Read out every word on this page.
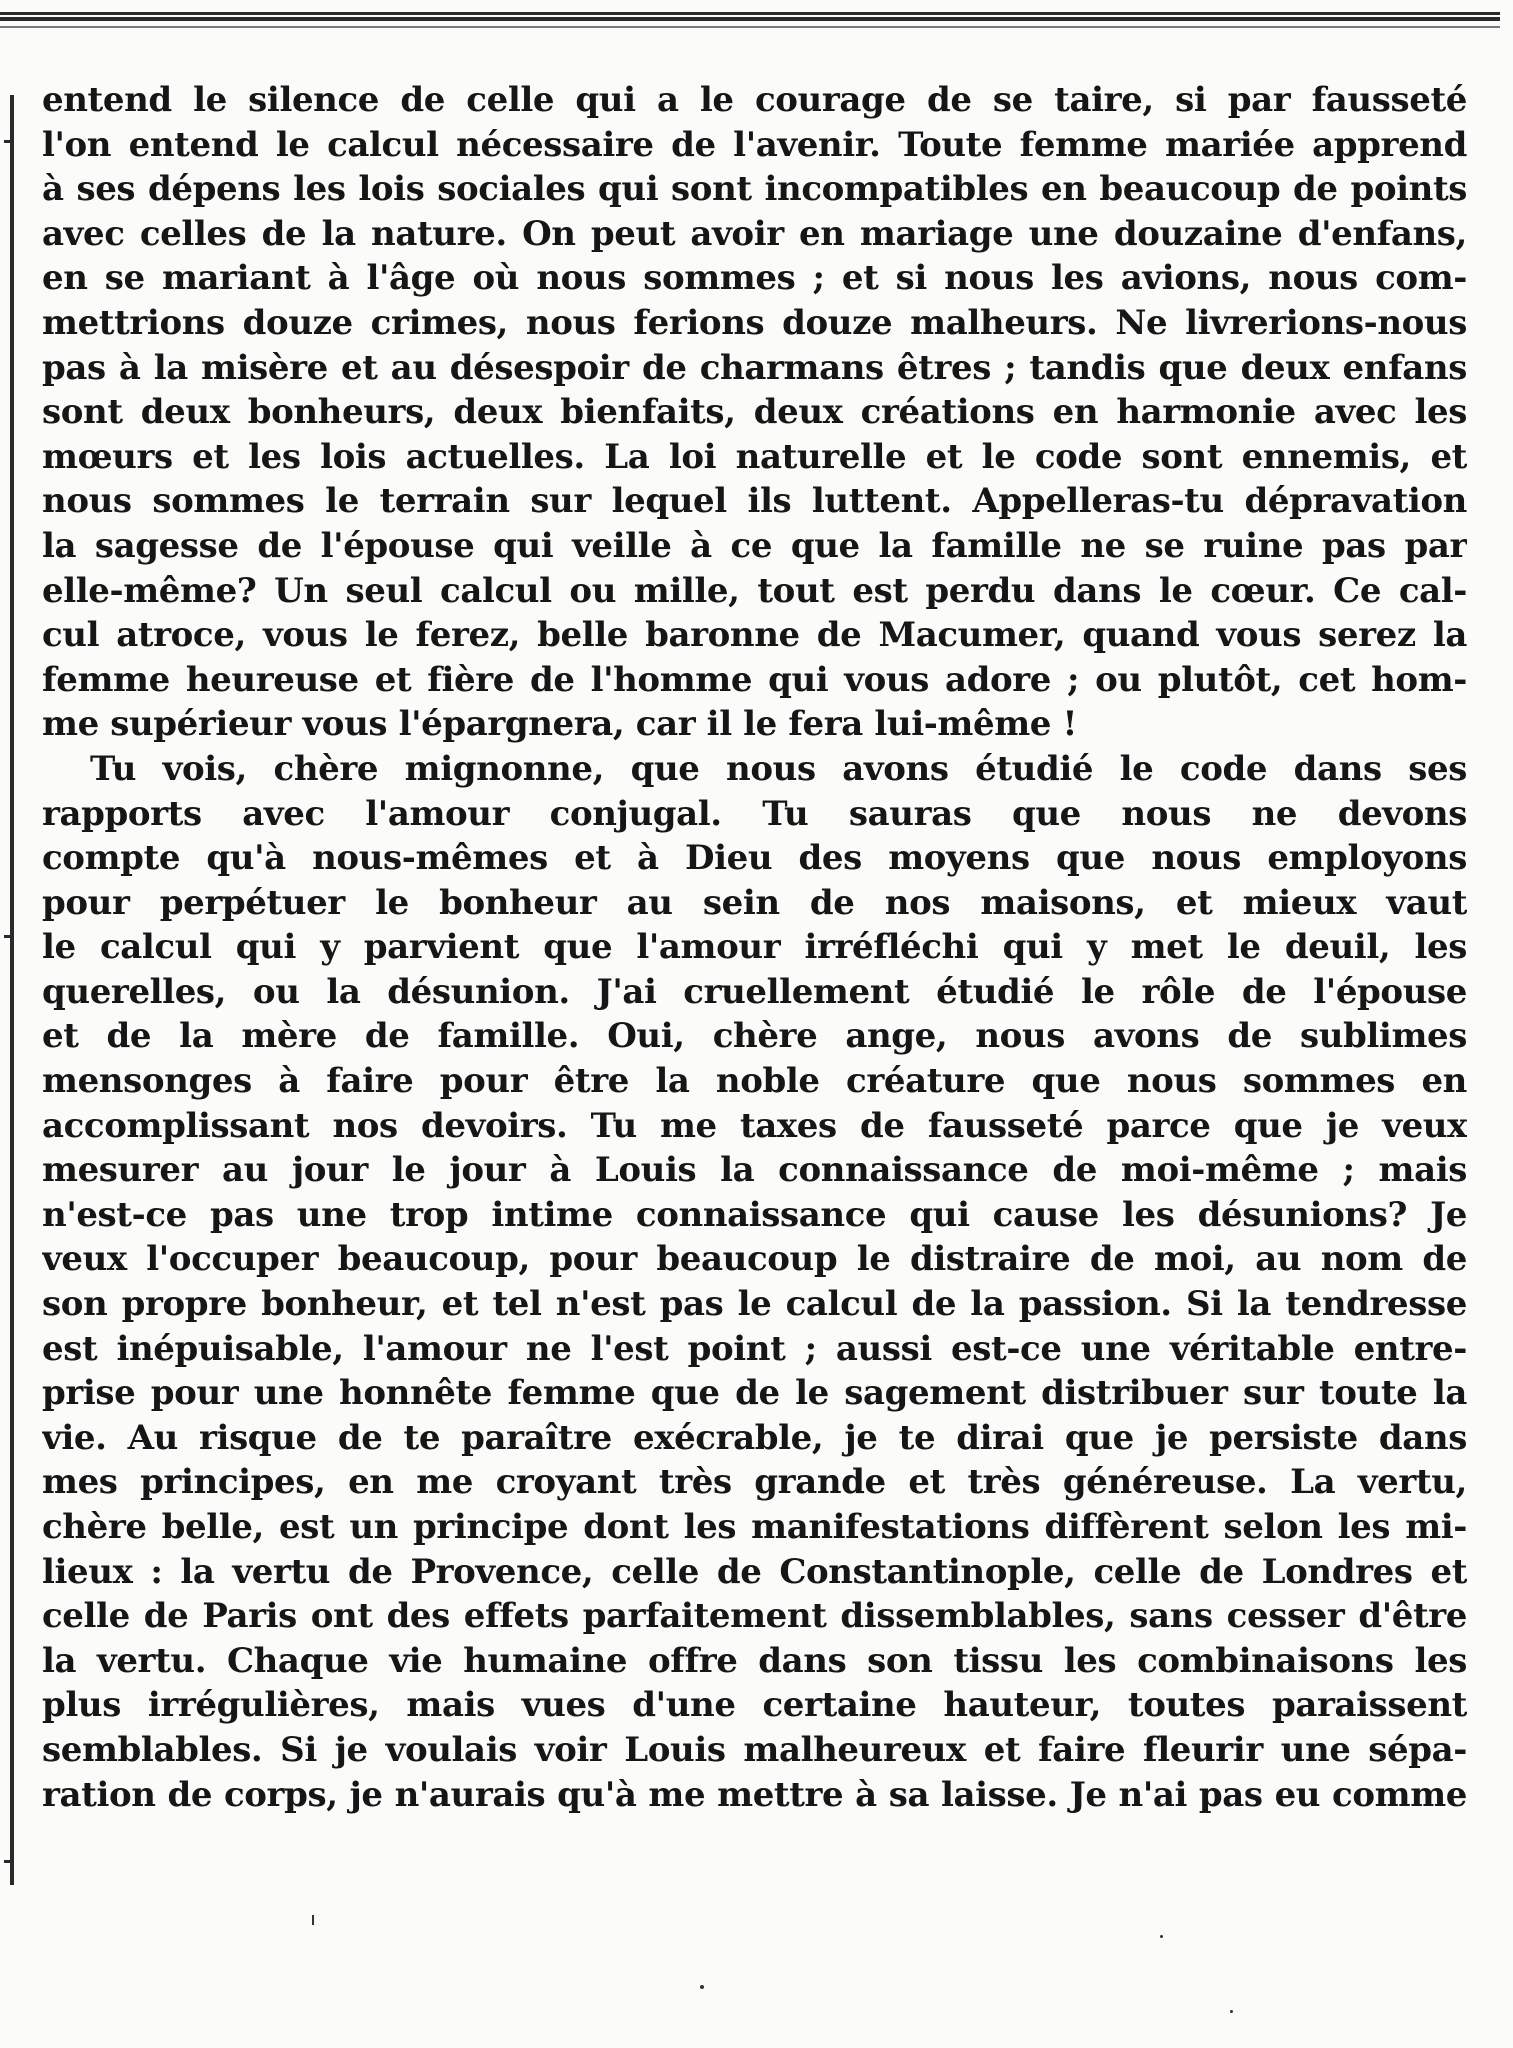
entend le silence de celle qui a le courage de se taire, si par fausseté
l'on entend le calcul nécessaire de l'avenir. Toute femme mariée apprend
à ses dépens les lois sociales qui sont incompatibles en beaucoup de points
avec celles de la nature. On peut avoir en mariage une douzaine d'enfans,
en se mariant à l'âge où nous sommes ; et si nous les avions, nous com-
mettrions douze crimes, nous ferions douze malheurs. Ne livrerions-nous
pas à la misère et au désespoir de charmans êtres ; tandis que deux enfans
sont deux bonheurs, deux bienfaits, deux créations en harmonie avec les
mœurs et les lois actuelles. La loi naturelle et le code sont ennemis, et
nous sommes le terrain sur lequel ils luttent. Appelleras-tu dépravation
la sagesse de l'épouse qui veille à ce que la famille ne se ruine pas par
elle-même? Un seul calcul ou mille, tout est perdu dans le cœur. Ce cal-
cul atroce, vous le ferez, belle baronne de Macumer, quand vous serez la
femme heureuse et fière de l'homme qui vous adore ; ou plutôt, cet hom-
me supérieur vous l'épargnera, car il le fera lui-même !
Tu vois, chère mignonne, que nous avons étudié le code dans ses
rapports avec l'amour conjugal. Tu sauras que nous ne devons
compte qu'à nous-mêmes et à Dieu des moyens que nous employons
pour perpétuer le bonheur au sein de nos maisons, et mieux vaut
le calcul qui y parvient que l'amour irréfléchi qui y met le deuil, les
querelles, ou la désunion. J'ai cruellement étudié le rôle de l'épouse
et de la mère de famille. Oui, chère ange, nous avons de sublimes
mensonges à faire pour être la noble créature que nous sommes en
accomplissant nos devoirs. Tu me taxes de fausseté parce que je veux
mesurer au jour le jour à Louis la connaissance de moi-même ; mais
n'est-ce pas une trop intime connaissance qui cause les désunions? Je
veux l'occuper beaucoup, pour beaucoup le distraire de moi, au nom de
son propre bonheur, et tel n'est pas le calcul de la passion. Si la tendresse
est inépuisable, l'amour ne l'est point ; aussi est-ce une véritable entre-
prise pour une honnête femme que de le sagement distribuer sur toute la
vie. Au risque de te paraître exécrable, je te dirai que je persiste dans
mes principes, en me croyant très grande et très généreuse. La vertu,
chère belle, est un principe dont les manifestations diffèrent selon les mi-
lieux : la vertu de Provence, celle de Constantinople, celle de Londres et
celle de Paris ont des effets parfaitement dissemblables, sans cesser d'être
la vertu. Chaque vie humaine offre dans son tissu les combinaisons les
plus irrégulières, mais vues d'une certaine hauteur, toutes paraissent
semblables. Si je voulais voir Louis malheureux et faire fleurir une sépa-
ration de corps, je n'aurais qu'à me mettre à sa laisse. Je n'ai pas eu comme
